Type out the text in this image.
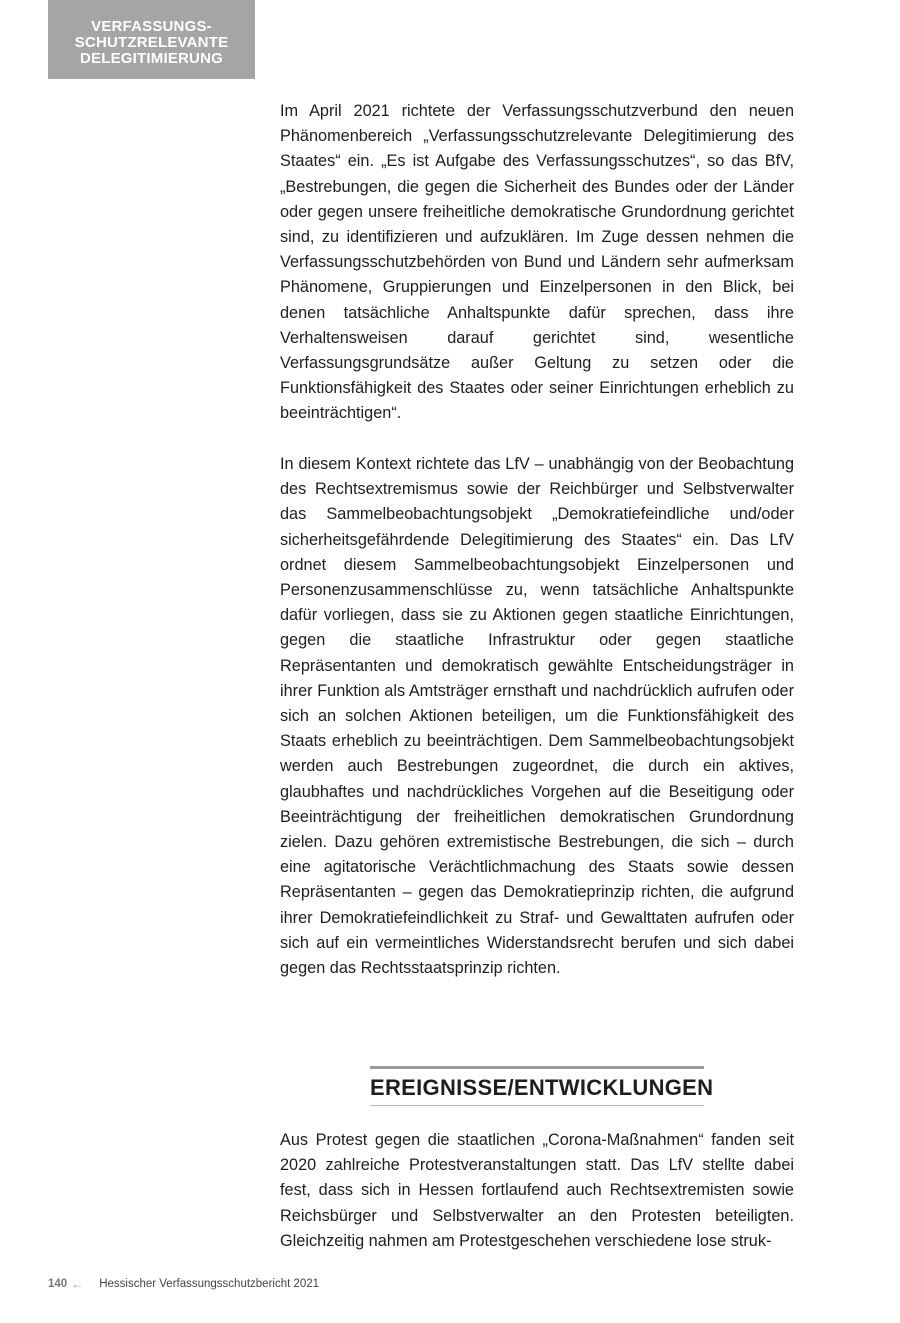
VERFASSUNGS-
SCHUTZRELEVANTE
DELEGITIMIERUNG

Im April 2021 richtete der Verfassungsschutzverbund den neuen Phänomenbereich „Verfassungsschutzrelevante Delegitimierung des Staates“ ein. „Es ist Aufgabe des Verfassungsschutzes“, so das BfV, „Bestrebungen, die gegen die Sicherheit des Bundes oder der Länder oder gegen unsere freiheitliche demokratische Grundordnung gerichtet sind, zu identifizieren und aufzuklären. Im Zuge dessen nehmen die Verfassungsschutzbehörden von Bund und Ländern sehr aufmerksam Phänomene, Gruppierungen und Einzelpersonen in den Blick, bei denen tatsächliche Anhaltspunkte dafür sprechen, dass ihre Verhaltensweisen darauf gerichtet sind, wesentliche Verfassungsgrundsätze außer Geltung zu setzen oder die Funktionsfähigkeit des Staates oder seiner Einrichtungen erheblich zu beeinträchtigen“.

In diesem Kontext richtete das LfV – unabhängig von der Beobachtung des Rechtsextremismus sowie der Reichbürger und Selbstverwalter das Sammelbeobachtungsobjekt „Demokratiefeindliche und/oder sicherheitsgefährdende Delegitimierung des Staates“ ein. Das LfV ordnet diesem Sammelbeobachtungsobjekt Einzelpersonen und Personenzusammenschlüsse zu, wenn tatsächliche Anhaltspunkte dafür vorliegen, dass sie zu Aktionen gegen staatliche Einrichtungen, gegen die staatliche Infrastruktur oder gegen staatliche Repräsentanten und demokratisch gewählte Entscheidungsträger in ihrer Funktion als Amtsträger ernsthaft und nachdrücklich aufrufen oder sich an solchen Aktionen beteiligen, um die Funktionsfähigkeit des Staats erheblich zu beeinträchtigen. Dem Sammelbeobachtungsobjekt werden auch Bestrebungen zugeordnet, die durch ein aktives, glaubhaftes und nachdrückliches Vorgehen auf die Beseitigung oder Beeinträchtigung der freiheitlichen demokratischen Grundordnung zielen. Dazu gehören extremistische Bestrebungen, die sich – durch eine agitatorische Verächtlichmachung des Staats sowie dessen Repräsentanten – gegen das Demokratieprinzip richten, die aufgrund ihrer Demokratiefeindlichkeit zu Straf- und Gewalttaten aufrufen oder sich auf ein vermeintliches Widerstandsrecht berufen und sich dabei gegen das Rechtsstaatsprinzip richten.

EREIGNISSE/ENTWICKLUNGEN

Aus Protest gegen die staatlichen „Corona-Maßnahmen“ fanden seit 2020 zahlreiche Protestveranstaltungen statt. Das LfV stellte dabei fest, dass sich in Hessen fortlaufend auch Rechtsextremisten sowie Reichsbürger und Selbstverwalter an den Protesten beteiligten. Gleichzeitig nahmen am Protestgeschehen verschiedene lose struk-

140 ← Hessischer Verfassungsschutzbericht 2021
